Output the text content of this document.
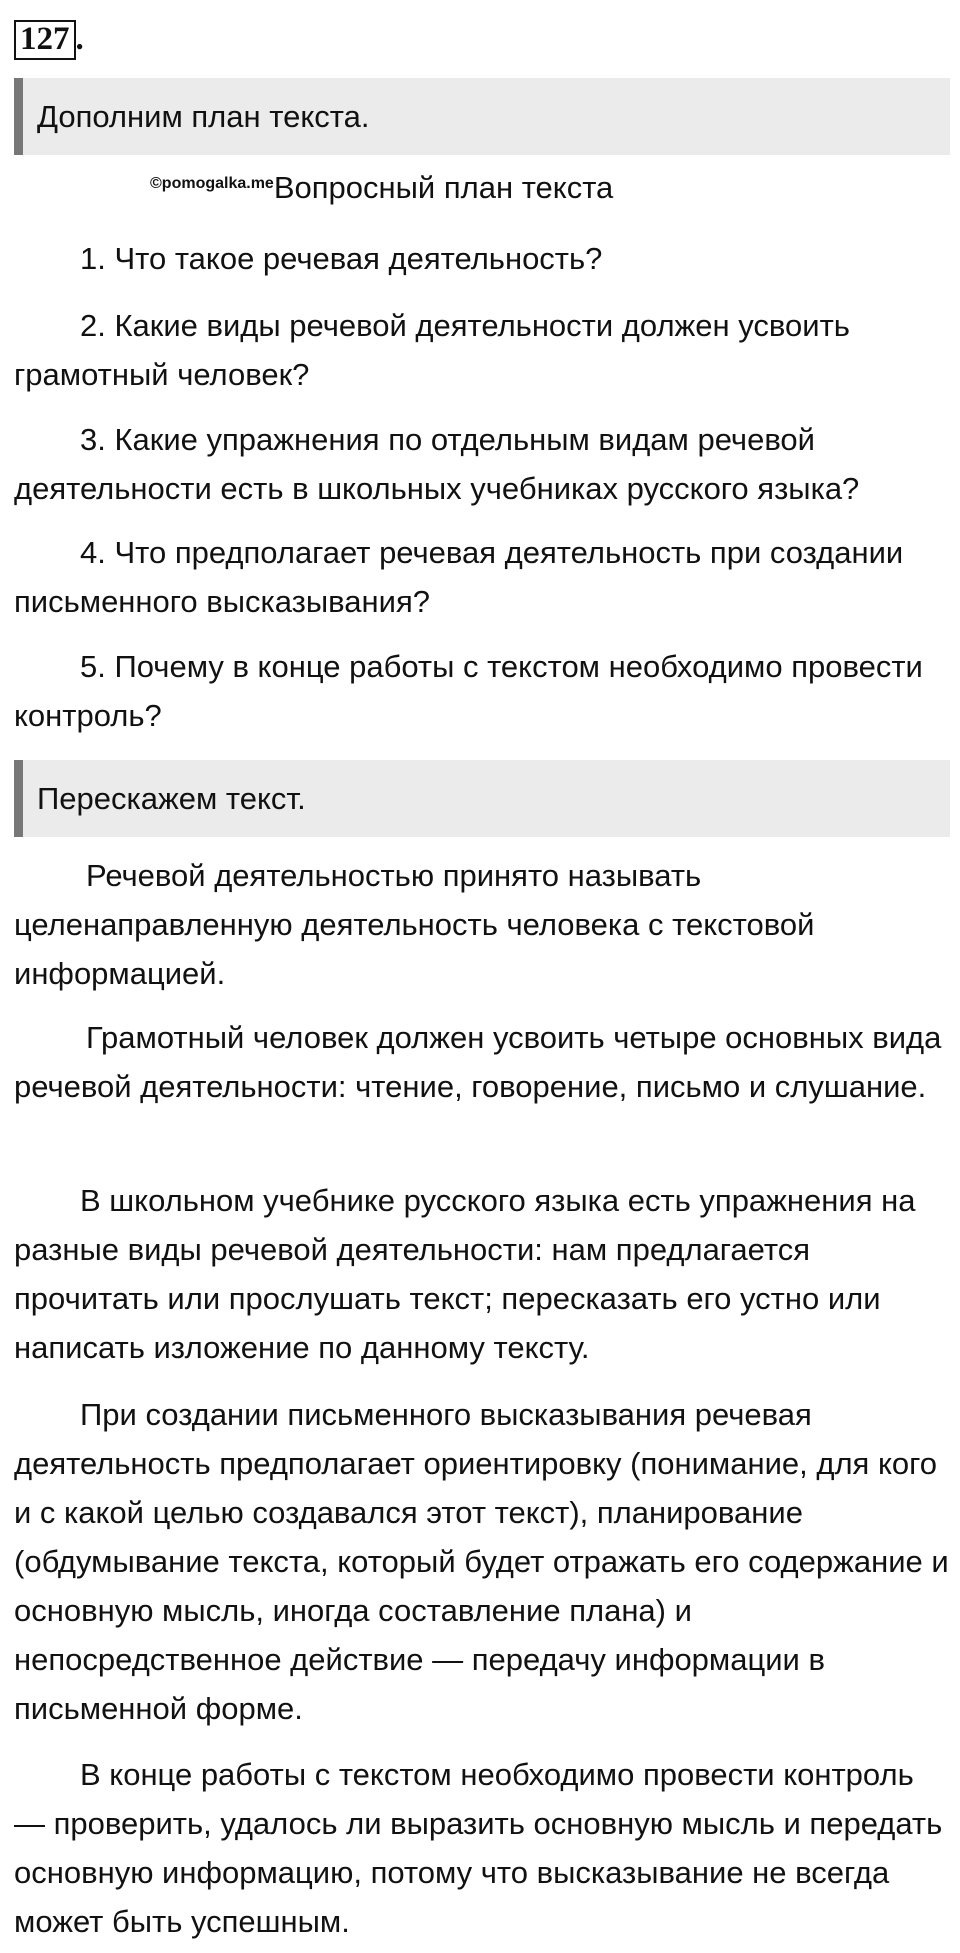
127 .
Дополним план текста.
©pomogalka.me Вопросный план текста

1. Что такое речевая деятельность?

2. Какие виды речевой деятельности должен усвоить грамотный человек?

3. Какие упражнения по отдельным видам речевой деятельности есть в школьных учебниках русского языка?

4. Что предполагает речевая деятельность при создании письменного высказывания?

5. Почему в конце работы с текстом необходимо провести контроль?

Перескажем текст.

Речевой деятельностью принято называть целенаправленную деятельность человека с текстовой информацией.

Грамотный человек должен усвоить четыре основных вида речевой деятельности: чтение, говорение, письмо и слушание.

В школьном учебнике русского языка есть упражнения на разные виды речевой деятельности: нам предлагается прочитать или прослушать текст; пересказать его устно или написать изложение по данному тексту.

При создании письменного высказывания речевая деятельность предполагает ориентировку (понимание, для кого и с какой целью создавался этот текст), планирование (обдумывание текста, который будет отражать его содержание и основную мысль, иногда составление плана) и непосредственное действие — передачу информации в письменной форме.

В конце работы с текстом необходимо провести контроль — проверить, удалось ли выразить основную мысль и передать основную информацию, потому что высказывание не всегда может быть успешным.
